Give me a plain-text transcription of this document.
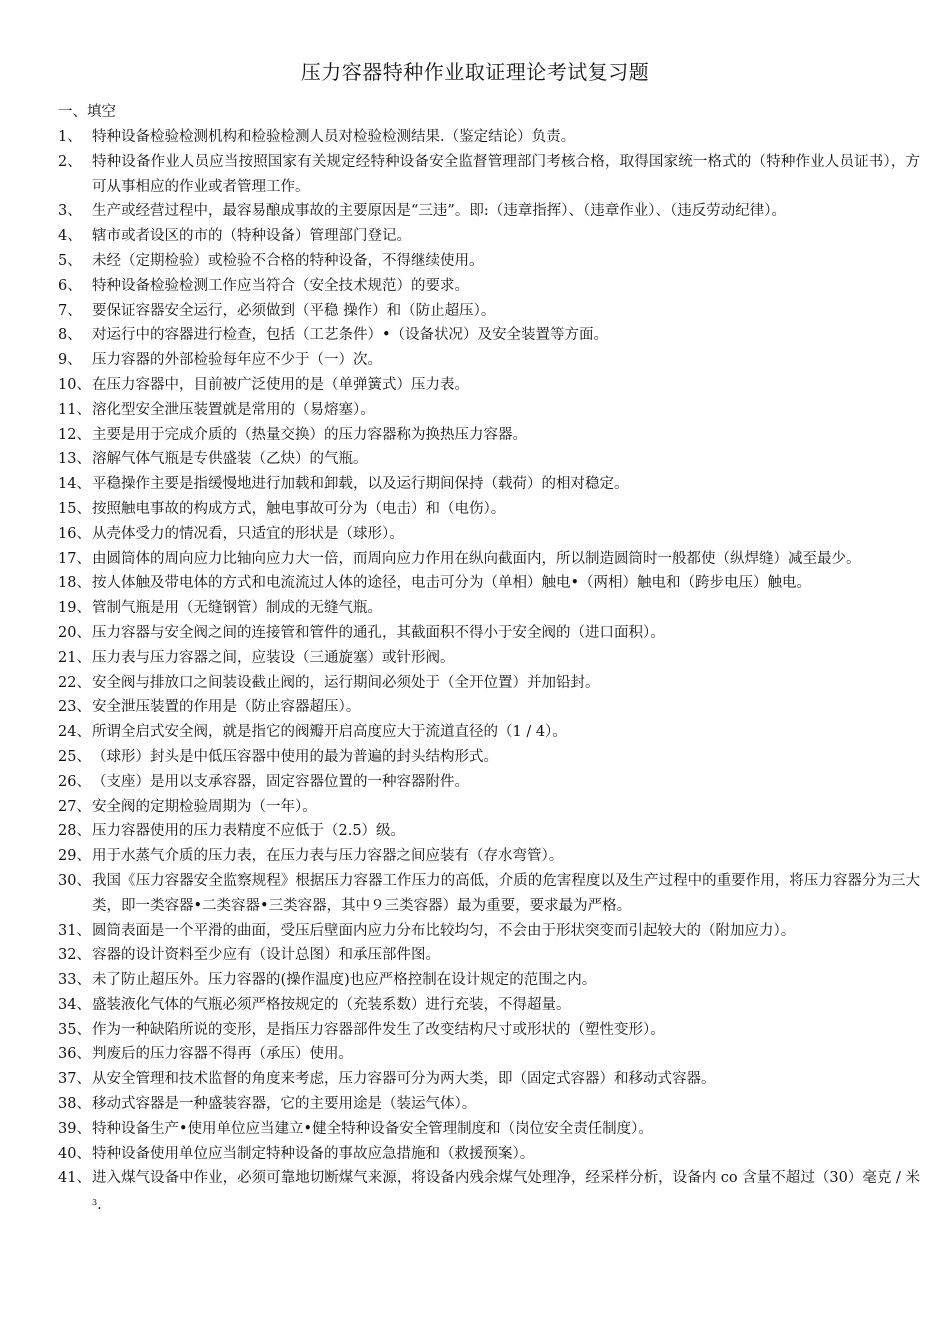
压力容器特种作业取证理论考试复习题
一、填空
1、 特种设备检验检测机构和检验检测人员对检验检测结果.（鉴定结论）负责。
2、 特种设备作业人员应当按照国家有关规定经特种设备安全监督管理部门考核合格，取得国家统一格式的（特种作业人员证书），方可从事相应的作业或者管理工作。
3、 生产或经营过程中，最容易酿成事故的主要原因是“三违”。即:（违章指挥）、（违章作业）、（违反劳动纪律）。
4、 辖市或者设区的市的（特种设备）管理部门登记。
5、 未经（定期检验）或检验不合格的特种设备，不得继续使用。
6、 特种设备检验检测工作应当符合（安全技术规范）的要求。
7、 要保证容器安全运行，必须做到（平稳 操作）和（防止超压）。
8、 对运行中的容器进行检查，包括（工艺条件）•（设备状况）及安全装置等方面。
9、 压力容器的外部检验每年应不少于（一）次。
10、 在压力容器中，目前被广泛使用的是（单弹簧式）压力表。
11、 溶化型安全泄压装置就是常用的（易熔塞）。
12、 主要是用于完成介质的（热量交换）的压力容器称为换热压力容器。
13、 溶解气体气瓶是专供盛装（乙炔）的气瓶。
14、 平稳操作主要是指缓慢地进行加载和卸载，以及运行期间保持（载荷）的相对稳定。
15、 按照触电事故的构成方式，触电事故可分为（电击）和（电伤）。
16、 从壳体受力的情况看，只适宜的形状是（球形）。
17、 由圆筒体的周向应力比轴向应力大一倍，而周向应力作用在纵向截面内，所以制造圆筒时一般都使（纵焊缝）减至最少。
18、 按人体触及带电体的方式和电流流过人体的途径，电击可分为（单相）触电•（两相）触电和（跨步电压）触电。
19、 管制气瓶是用（无缝钢管）制成的无缝气瓶。
20、 压力容器与安全阀之间的连接管和管件的通孔，其截面积不得小于安全阀的（进口面积）。
21、 压力表与压力容器之间，应装设（三通旋塞）或针形阀。
22、 安全阀与排放口之间装设截止阀的，运行期间必须处于（全开位置）并加铅封。
23、 安全泄压装置的作用是（防止容器超压）。
24、 所谓全启式安全阀，就是指它的阀瓣开启高度应大于流道直径的（1 / 4）。
25、 （球形）封头是中低压容器中使用的最为普遍的封头结构形式。
26、 （支座）是用以支承容器，固定容器位置的一种容器附件。
27、 安全阀的定期检验周期为（一年）。
28、 压力容器使用的压力表精度不应低于（2.5）级。
29、 用于水蒸气介质的压力表，在压力表与压力容器之间应装有（存水弯管）。
30、 我国《压力容器安全监察规程》根据压力容器工作压力的高低，介质的危害程度以及生产过程中的重要作用，将压力容器分为三大类，即一类容器•二类容器•三类容器，其中９三类容器）最为重要，要求最为严格。
31、 圆筒表面是一个平滑的曲面，受压后壁面内应力分布比较均匀，不会由于形状突变而引起较大的（附加应力）。
32、 容器的设计资料至少应有（设计总图）和承压部件图。
33、 未了防止超压外。压力容器的(操作温度)也应严格控制在设计规定的范围之内。
34、 盛装液化气体的气瓶必须严格按规定的（充装系数）进行充装，不得超量。
35、 作为一种缺陷所说的变形，是指压力容器部件发生了改变结构尺寸或形状的（塑性变形）。
36、 判废后的压力容器不得再（承压）使用。
37、 从安全管理和技术监督的角度来考虑，压力容器可分为两大类，即（固定式容器）和移动式容器。
38、 移动式容器是一种盛装容器，它的主要用途是（装运气体）。
39、 特种设备生产•使用单位应当建立•健全特种设备安全管理制度和（岗位安全责任制度）。
40、 特种设备使用单位应当制定特种设备的事故应急措施和（救援预案）。
41、 进入煤气设备中作业，必须可靠地切断煤气来源，将设备内残余煤气处理净，经采样分析，设备内 co 含量不超过（30）毫克 / 米$^3$.
